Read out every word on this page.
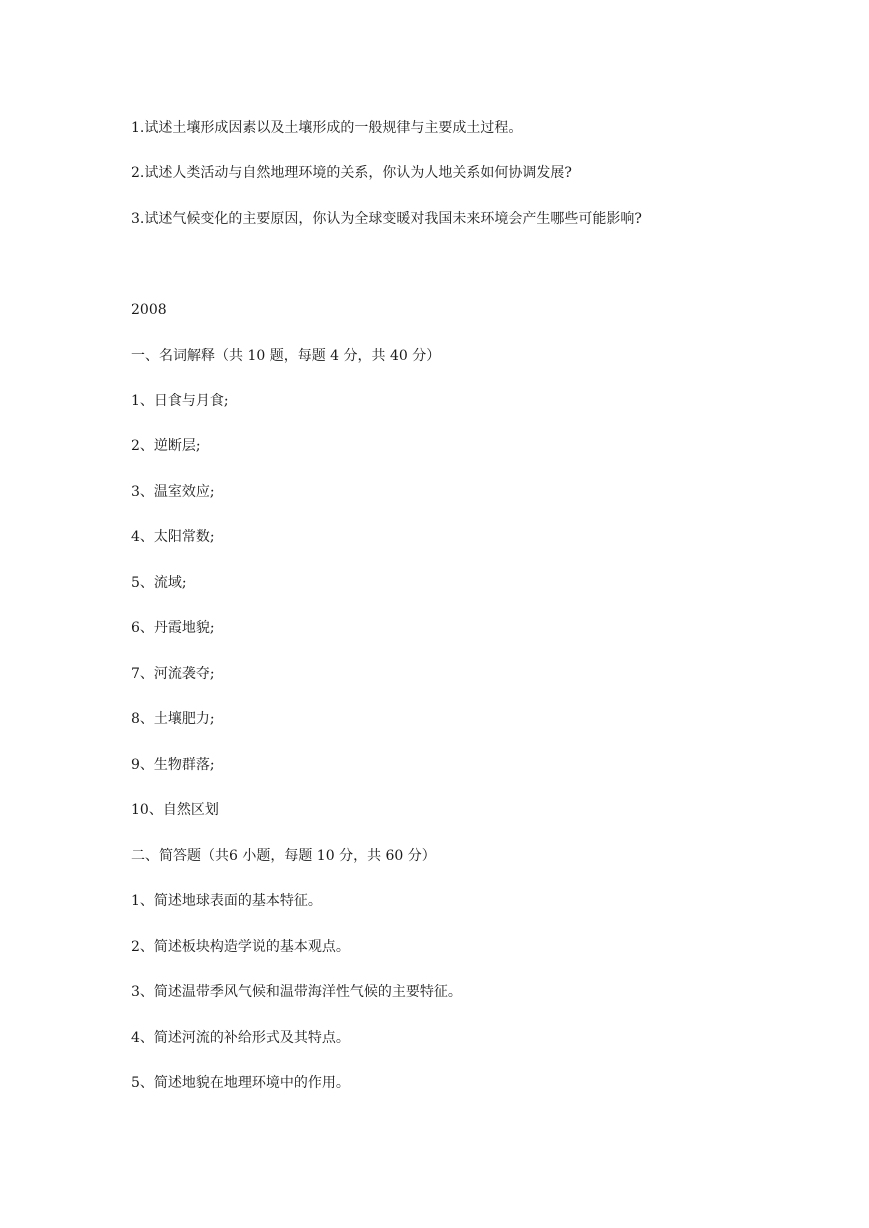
1.试述土壤形成因素以及土壤形成的一般规律与主要成土过程。
2.试述人类活动与自然地理环境的关系，你认为人地关系如何协调发展?
3.试述气候变化的主要原因，你认为全球变暖对我国未来环境会产生哪些可能影响?
2008
一、名词解释（共 10 题，每题 4 分，共 40 分）
1、日食与月食;
2、逆断层;
3、温室效应;
4、太阳常数;
5、流域;
6、丹霞地貌;
7、河流袭夺;
8、土壤肥力;
9、生物群落;
10、自然区划
二、简答题（共6 小题，每题 10 分，共 60 分）
1、简述地球表面的基本特征。
2、简述板块构造学说的基本观点。
3、简述温带季风气候和温带海洋性气候的主要特征。
4、简述河流的补给形式及其特点。
5、简述地貌在地理环境中的作用。
